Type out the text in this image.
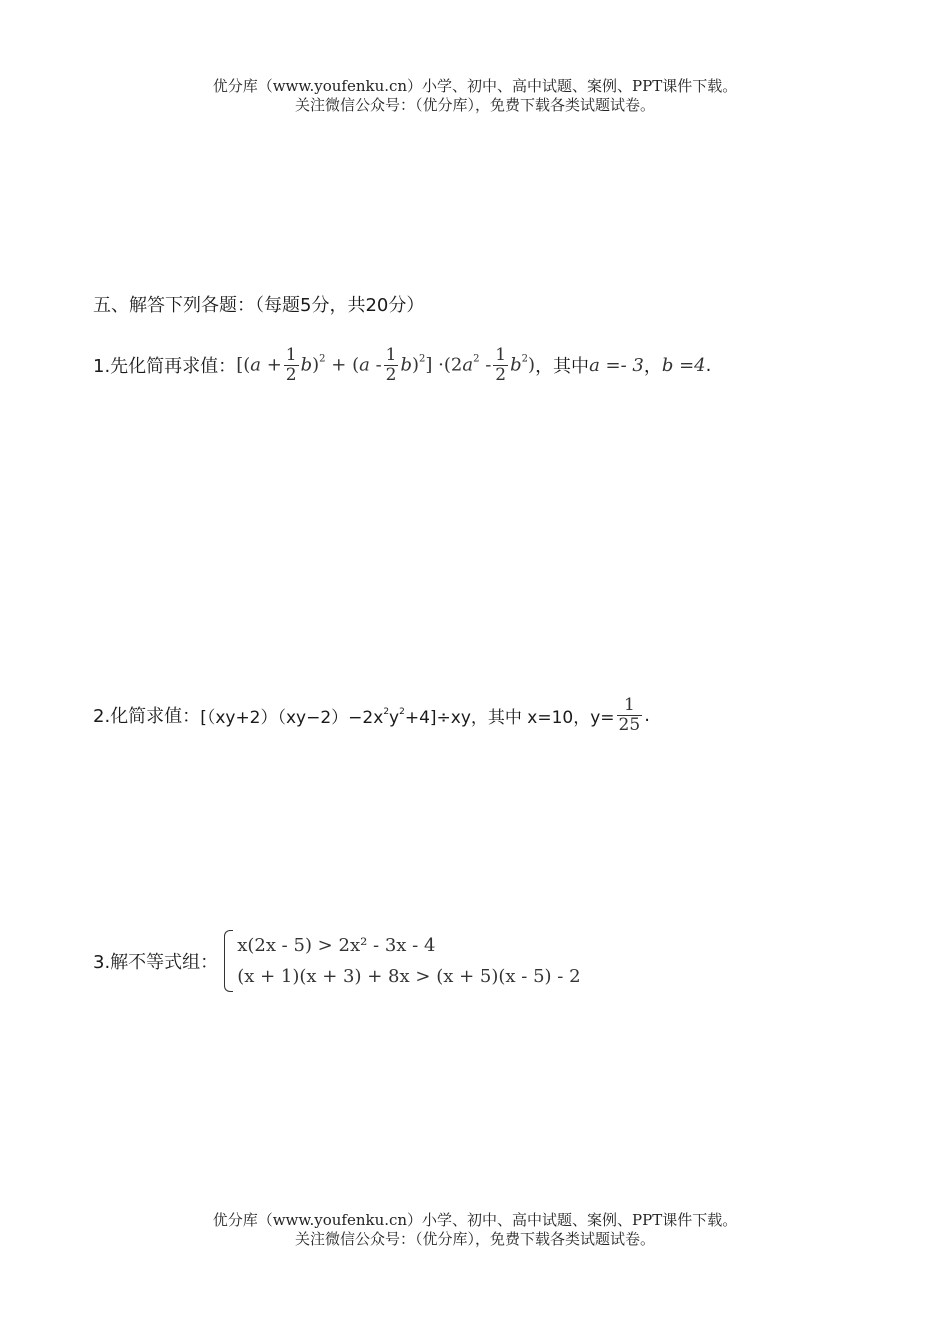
优分库（www.youfenku.cn）小学、初中、高中试题、案例、PPT课件下载。
关注微信公众号：（优分库），免费下载各类试题试卷。
五、解答下列各题：（每题5分，共20分）
1.先化简再求值： $[(a + \frac{1}{2} b)^2 + (a - \frac{1}{2} b)^2] \cdot(2a^2 - \frac{1}{2} b^2)$ ，其中 a =- 3 ， b =4 .
2.化简求值： $[(xy+2)(xy-2)-2x^2y^2+4]\div xy$，其中 x=10，$y= \frac{1}{25}$ .
3.解不等式组：
x(2x - 5) > 2x² - 3x - 4
(x + 1)(x + 3) + 8x > (x + 5)(x - 5) - 2
优分库（www.youfenku.cn）小学、初中、高中试题、案例、PPT课件下载。
关注微信公众号：（优分库），免费下载各类试题试卷。
